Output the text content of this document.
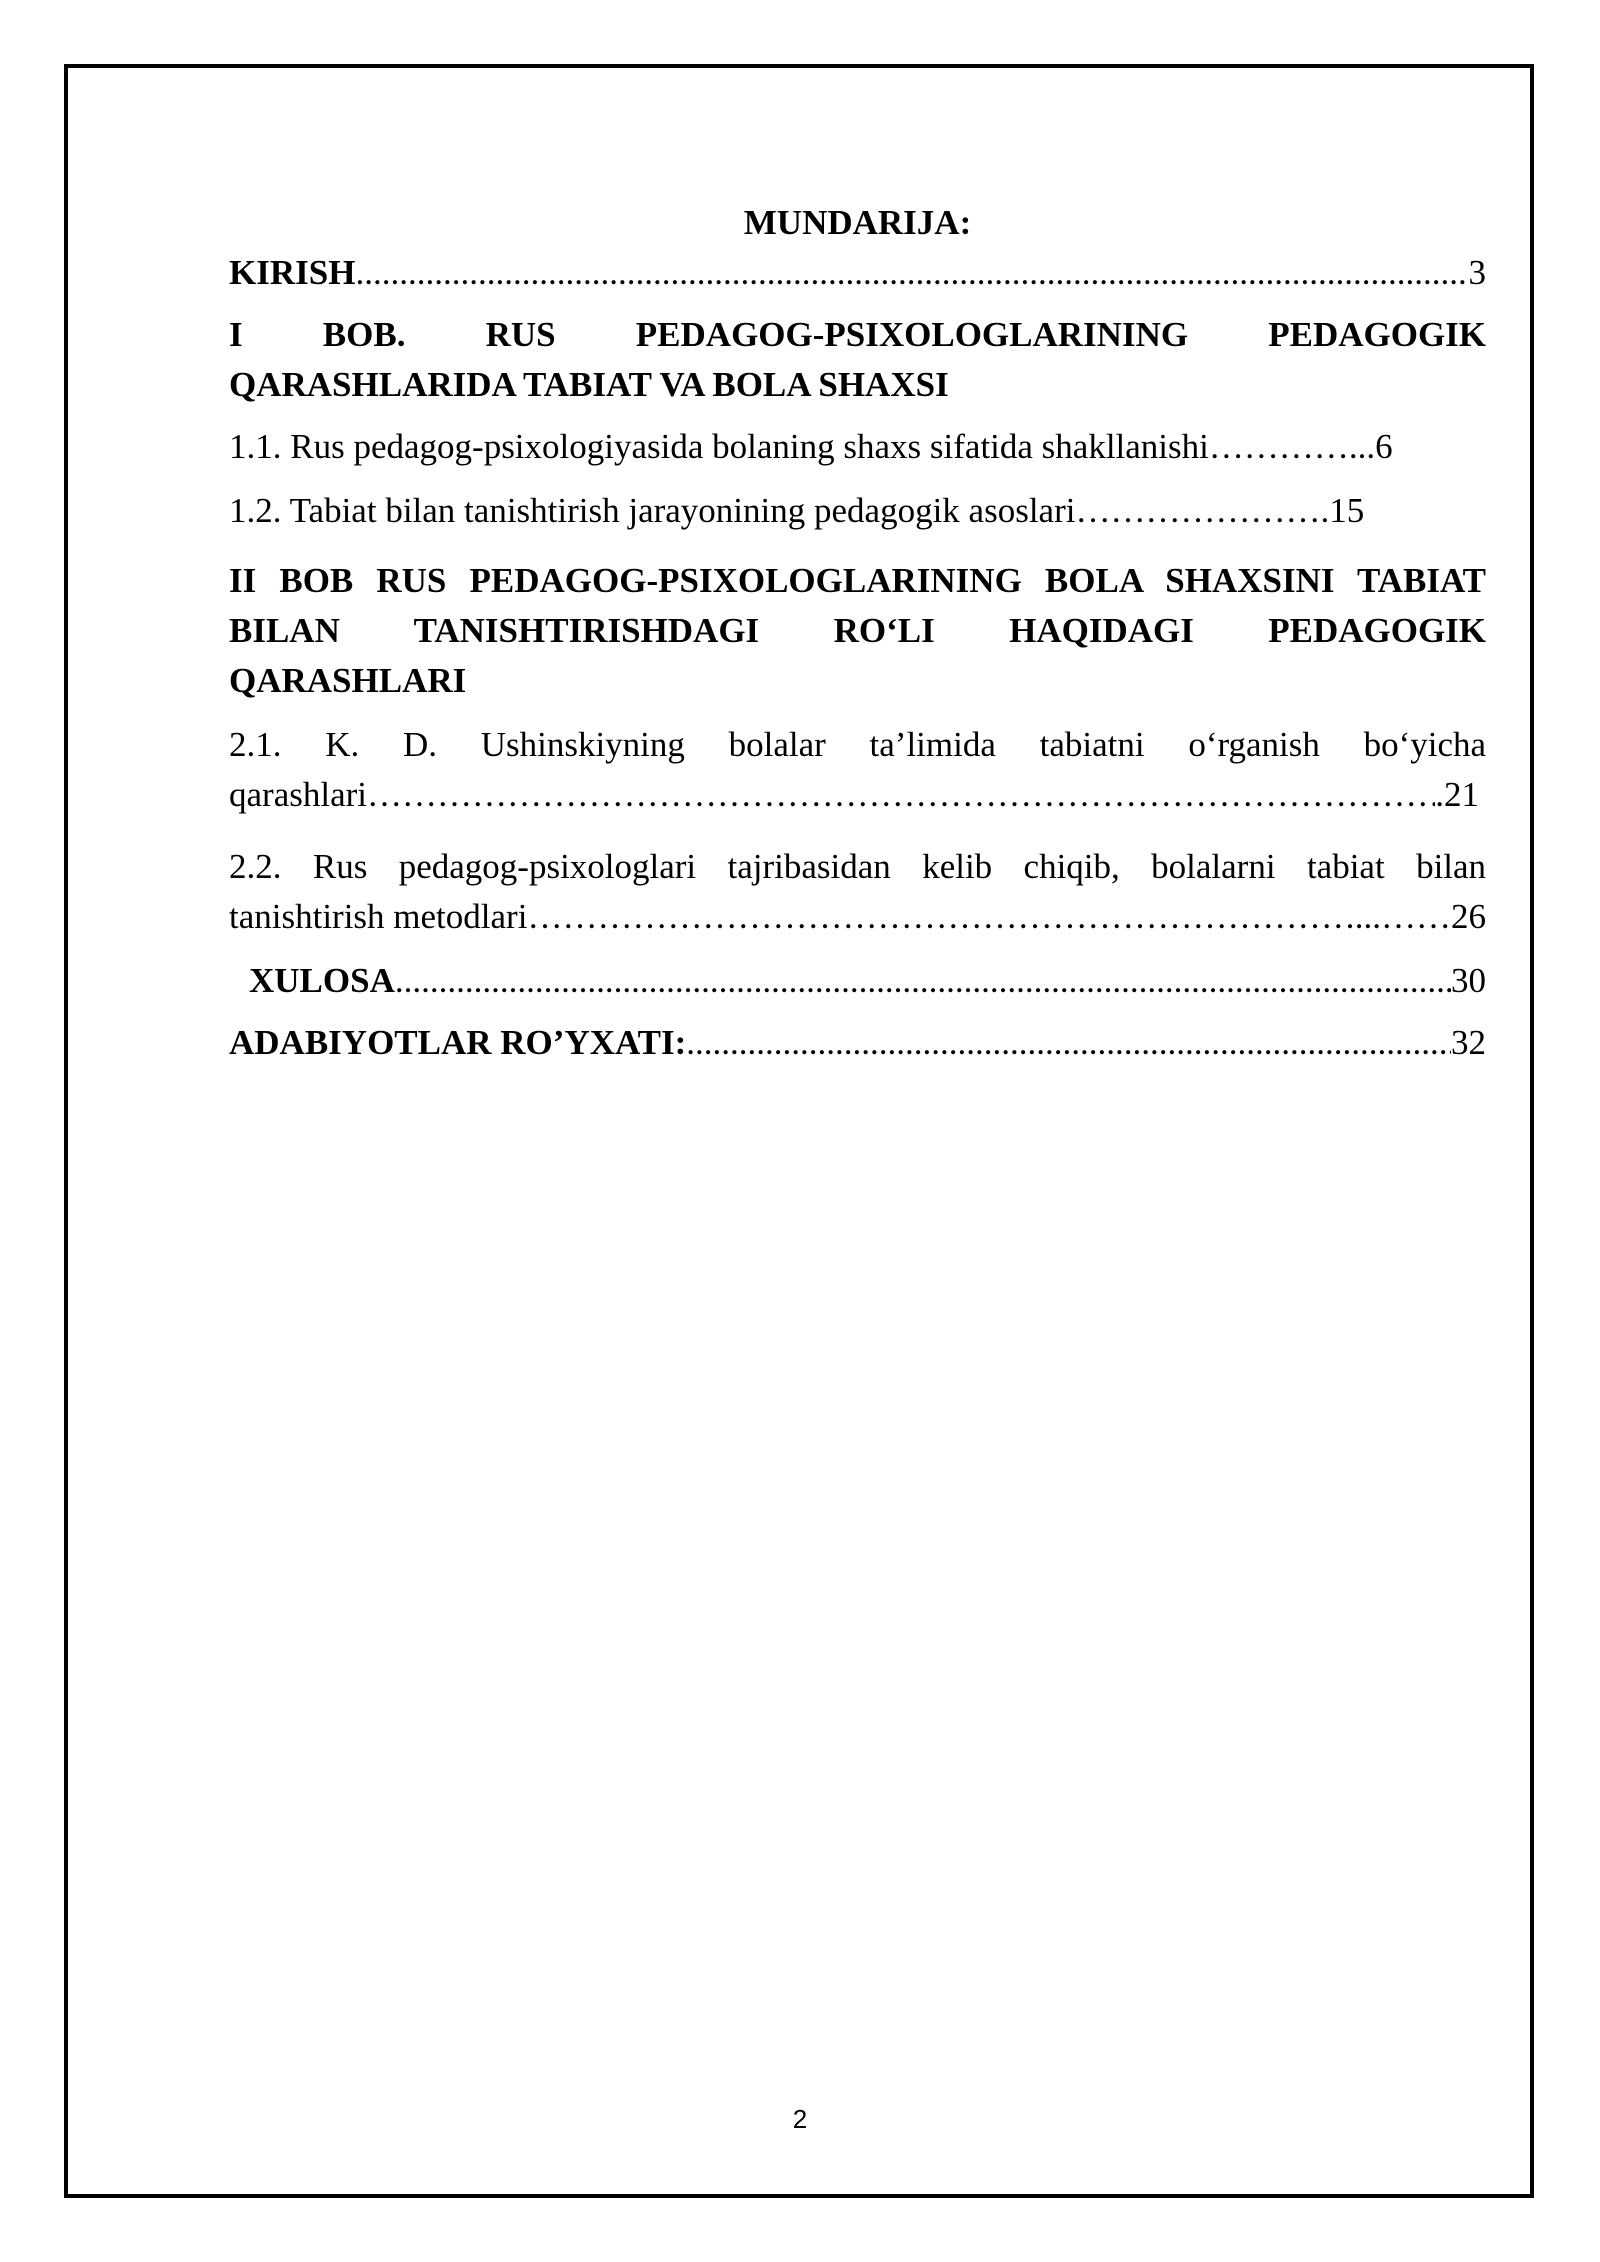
MUNDARIJA:
KIRISH .....	3
I BOB. RUS PEDAGOG-PSIXOLOGLARINING PEDAGOGIK
QARASHLARIDA TABIAT VA BOLA SHAXSI
1.1. Rus pedagog-psixologiyasida bolaning shaxs sifatida shakllanishi…………...6
1.2. Tabiat bilan tanishtirish jarayonining pedagogik asoslari………………….15
II BOB RUS PEDAGOG-PSIXOLOGLARINING BOLA SHAXSINI TABIAT
BILAN TANISHTIRISHDAGI RO‘LI HAQIDAGI PEDAGOGIK
QARASHLARI
2.1. K. D. Ushinskiyning bolalar ta’limida tabiatni o‘rganish bo‘yicha
qarashlari …………………………………………………………………………………………………………………………………………………………………	.21
2.2. Rus pedagog-psixologlari tajribasidan kelib chiqib, bolalarni tabiat bilan
tanishtirish metodlari …………………………………………………………………………………………………………………………………………………………………	...…… 26
XULOSA .....	30
ADABIYOTLAR RO’YXATI: .....	32
2
